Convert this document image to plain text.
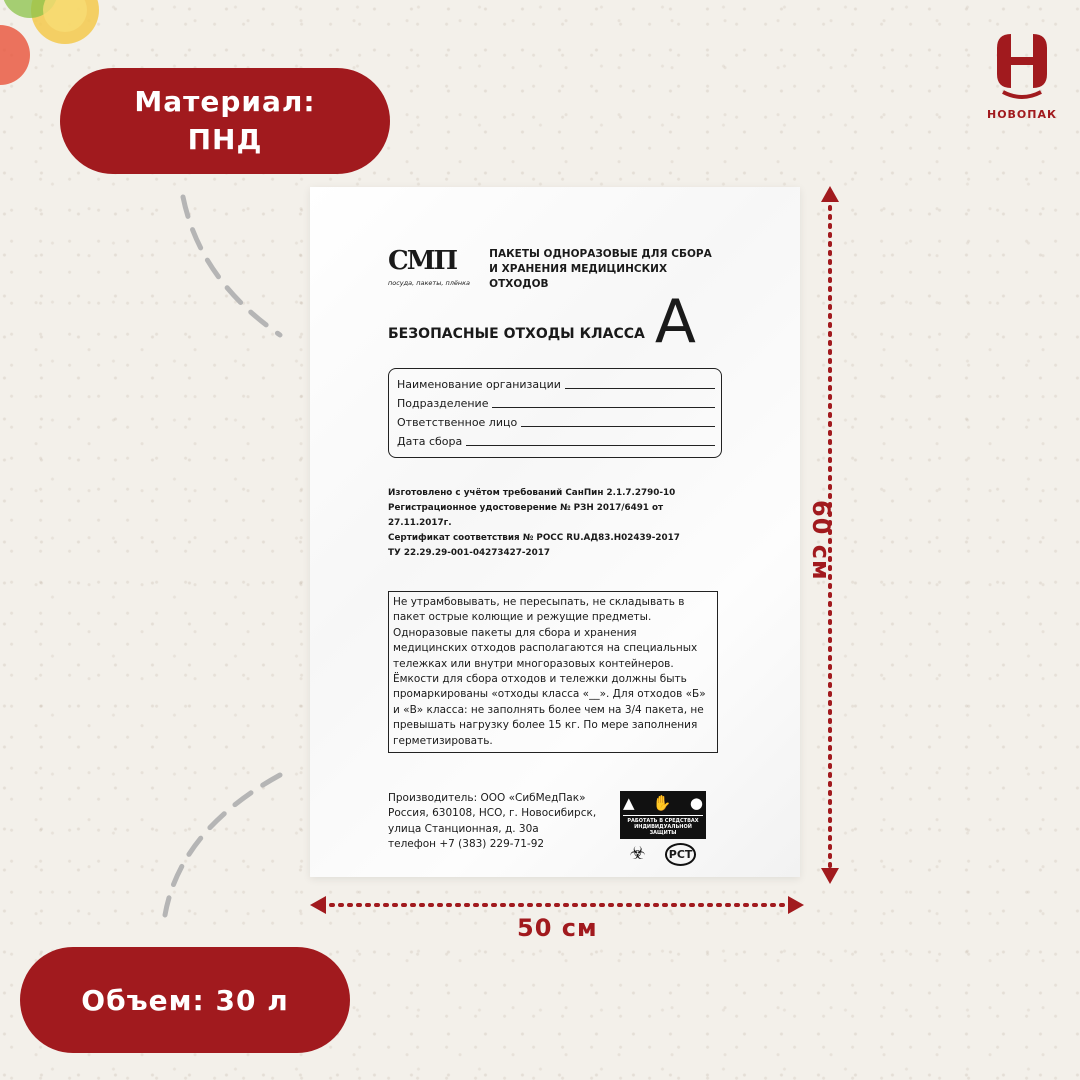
НОВОПАК
Материал:
ПНД
50 см
60 см
СМП
посуда, пакеты, плёнка
ПАКЕТЫ ОДНОРАЗОВЫЕ ДЛЯ СБОРА
И ХРАНЕНИЯ МЕДИЦИНСКИХ ОТХОДОВ
БЕЗОПАСНЫЕ ОТХОДЫ КЛАССА А
Наименование организации
Подразделение
Ответственное лицо
Дата сбора
Изготовлено с учётом требований СанПин 2.1.7.2790-10
Регистрационное удостоверение № РЗН 2017/6491 от 27.11.2017г.
Сертификат соответствия № РОСС RU.АД83.Н02439-2017
ТУ 22.29.29-001-04273427-2017
Не утрамбовывать, не пересыпать, не складывать в пакет острые колющие и режущие предметы. Одноразовые пакеты для сбора и хранения медицинских отходов располагаются на специальных тележках или внутри многоразовых контейнеров. Ёмкости для сбора отходов и тележки должны быть промаркированы «отходы класса «__». Для отходов «Б» и «В» класса: не заполнять более чем на 3/4 пакета, не превышать нагрузку более 15 кг. По мере заполнения герметизировать.
Производитель: ООО «СибМедПак»
Россия, 630108, НСО, г. Новосибирск,
улица Станционная, д. 30а
телефон +7 (383) 229-71-92
▲ ✋ ●
РАБОТАТЬ В СРЕДСТВАХ
ИНДИВИДУАЛЬНОЙ ЗАЩИТЫ
☣	РСТ
Объем: 30 л
